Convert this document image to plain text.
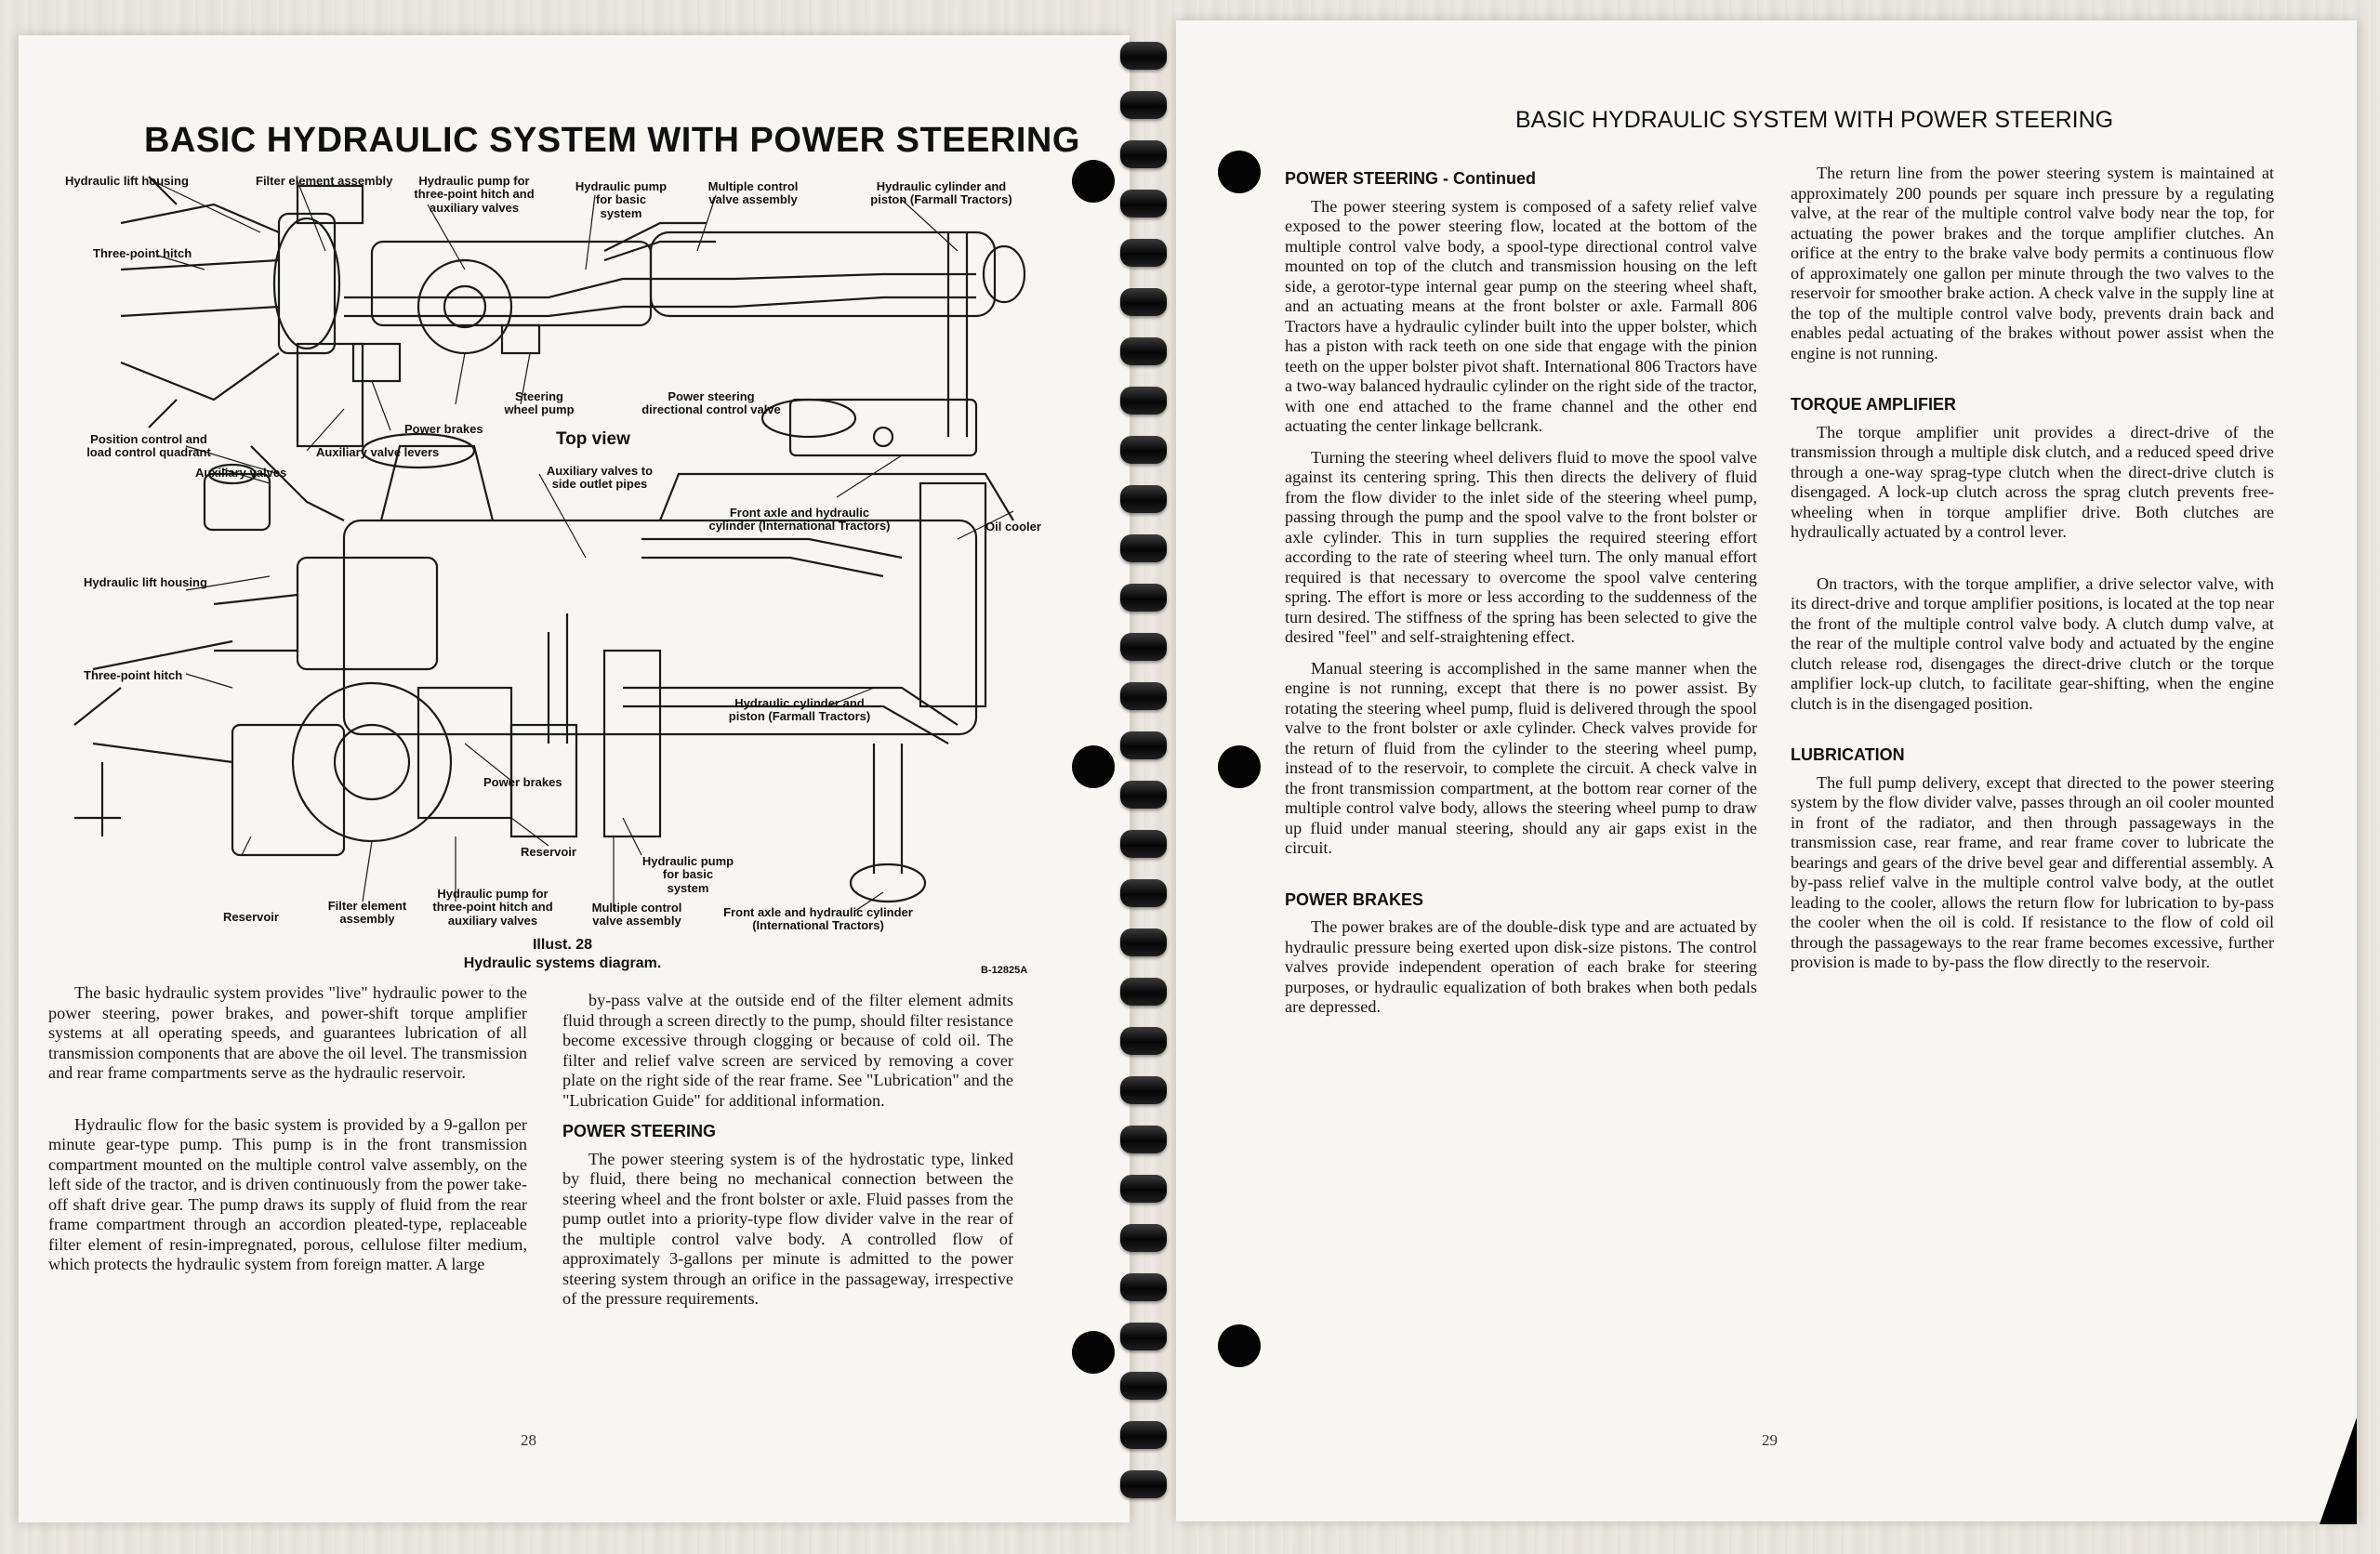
BASIC HYDRAULIC SYSTEM WITH POWER STEERING
Hydraulic lift housing	Filter element assembly	Hydraulic pump for three-point hitch and auxiliary valves
Hydraulic pump for basic system
Multiple control valve assembly
Hydraulic cylinder and piston (Farmall Tractors)
Three-point hitch
Steering wheel pump
Power steering directional control valve
Power brakes
Top view
Position control and load control quadrant	Auxiliary valve levers
Auxiliary valves	Auxiliary valves to side outlet pipes
Front axle and hydraulic cylinder (International Tractors)	Oil cooler
Hydraulic lift housing
Three-point hitch
Hydraulic cylinder and piston (Farmall Tractors)
Power brakes
Reservoir
Hydraulic pump for basic system
Reservoir
Filter element assembly
Hydraulic pump for three-point hitch and auxiliary valves
Multiple control valve assembly
Front axle and hydraulic cylinder (International Tractors)
Illust. 28
Hydraulic systems diagram.	B-12825A

The basic hydraulic system provides "live" hydraulic power to the power steering, power brakes, and power-shift torque amplifier systems at all operating speeds, and guarantees lubrication of all transmission components that are above the oil level. The transmission and rear frame compartments serve as the hydraulic reservoir.

Hydraulic flow for the basic system is provided by a 9-gallon per minute gear-type pump. This pump is in the front transmission compartment mounted on the multiple control valve assembly, on the left side of the tractor, and is driven continuously from the power take-off shaft drive gear. The pump draws its supply of fluid from the rear frame compartment through an accordion pleated-type, replaceable filter element of resin-impregnated, porous, cellulose filter medium, which protects the hydraulic system from foreign matter. A large

by-pass valve at the outside end of the filter element admits fluid through a screen directly to the pump, should filter resistance become excessive through clogging or because of cold oil. The filter and relief valve screen are serviced by removing a cover plate on the right side of the rear frame. See "Lubrication" and the "Lubrication Guide" for additional information.

POWER STEERING

The power steering system is of the hydrostatic type, linked by fluid, there being no mechanical connection between the steering wheel and the front bolster or axle. Fluid passes from the pump outlet into a priority-type flow divider valve in the rear of the multiple control valve body. A controlled flow of approximately 3-gallons per minute is admitted to the power steering system through an orifice in the passageway, irrespective of the pressure requirements.

28
BASIC HYDRAULIC SYSTEM WITH POWER STEERING
POWER STEERING - Continued

The power steering system is composed of a safety relief valve exposed to the power steering flow, located at the bottom of the multiple control valve body, a spool-type directional control valve mounted on top of the clutch and transmission housing on the left side, a gerotor-type internal gear pump on the steering wheel shaft, and an actuating means at the front bolster or axle. Farmall 806 Tractors have a hydraulic cylinder built into the upper bolster, which has a piston with rack teeth on one side that engage with the pinion teeth on the upper bolster pivot shaft. International 806 Tractors have a two-way balanced hydraulic cylinder on the right side of the tractor, with one end attached to the frame channel and the other end actuating the center linkage bellcrank.

Turning the steering wheel delivers fluid to move the spool valve against its centering spring. This then directs the delivery of fluid from the flow divider to the inlet side of the steering wheel pump, passing through the pump and the spool valve to the front bolster or axle cylinder. This in turn supplies the required steering effort according to the rate of steering wheel turn. The only manual effort required is that necessary to overcome the spool valve centering spring. The effort is more or less according to the suddenness of the turn desired. The stiffness of the spring has been selected to give the desired "feel" and self-straightening effect.

Manual steering is accomplished in the same manner when the engine is not running, except that there is no power assist. By rotating the steering wheel pump, fluid is delivered through the spool valve to the front bolster or axle cylinder. Check valves provide for the return of fluid from the cylinder to the steering wheel pump, instead of to the reservoir, to complete the circuit. A check valve in the front transmission compartment, at the bottom rear corner of the multiple control valve body, allows the steering wheel pump to draw up fluid under manual steering, should any air gaps exist in the circuit.

POWER BRAKES

The power brakes are of the double-disk type and are actuated by hydraulic pressure being exerted upon disk-size pistons. The control valves provide independent operation of each brake for steering purposes, or hydraulic equalization of both brakes when both pedals are depressed.

The return line from the power steering system is maintained at approximately 200 pounds per square inch pressure by a regulating valve, at the rear of the multiple control valve body near the top, for actuating the power brakes and the torque amplifier clutches. An orifice at the entry to the brake valve body permits a continuous flow of approximately one gallon per minute through the two valves to the reservoir for smoother brake action. A check valve in the supply line at the top of the multiple control valve body, prevents drain back and enables pedal actuating of the brakes without power assist when the engine is not running.

TORQUE AMPLIFIER

The torque amplifier unit provides a direct-drive of the transmission through a multiple disk clutch, and a reduced speed drive through a one-way sprag-type clutch when the direct-drive clutch is disengaged. A lock-up clutch across the sprag clutch prevents free-wheeling when in torque amplifier drive. Both clutches are hydraulically actuated by a control lever.

On tractors, with the torque amplifier, a drive selector valve, with its direct-drive and torque amplifier positions, is located at the top near the front of the multiple control valve body. A clutch dump valve, at the rear of the multiple control valve body and actuated by the engine clutch release rod, disengages the direct-drive clutch or the torque amplifier lock-up clutch, to facilitate gear-shifting, when the engine clutch is in the disengaged position.

LUBRICATION

The full pump delivery, except that directed to the power steering system by the flow divider valve, passes through an oil cooler mounted in front of the radiator, and then through passageways in the transmission case, rear frame, and rear frame cover to lubricate the bearings and gears of the drive bevel gear and differential assembly. A by-pass relief valve in the multiple control valve body, at the outlet leading to the cooler, allows the return flow for lubrication to by-pass the cooler when the oil is cold. If resistance to the flow of cold oil through the passageways to the rear frame becomes excessive, further provision is made to by-pass the flow directly to the reservoir.

29
